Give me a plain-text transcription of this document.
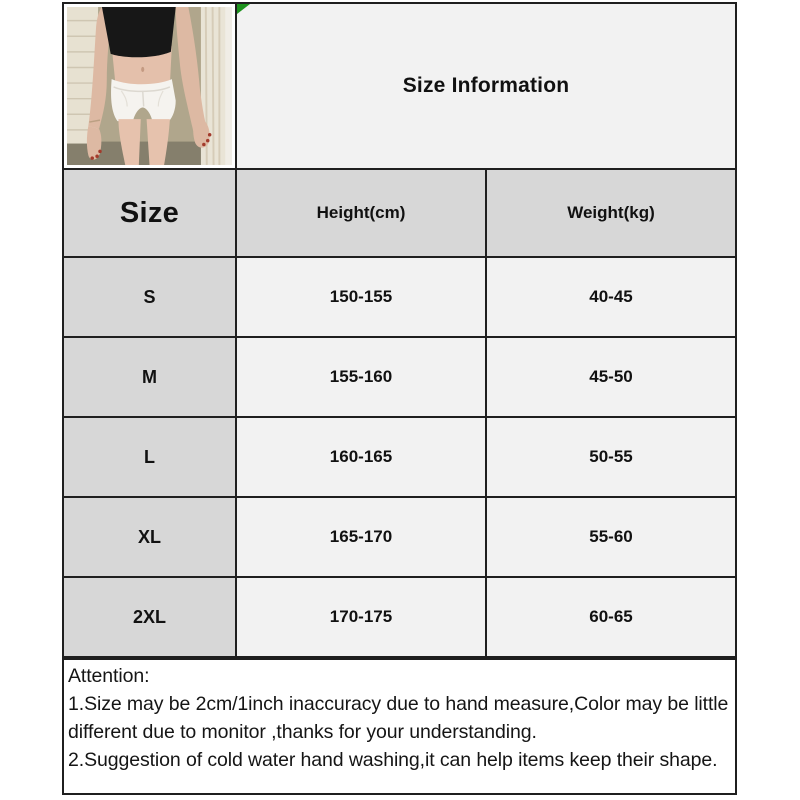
Size Information
Size	Height(cm)	Weight(kg)
S	150-155	40-45
M	155-160	45-50
L	160-165	50-55
XL	165-170	55-60
2XL	170-175	60-65
Attention:
1.Size may be 2cm/1inch inaccuracy due to hand measure,Color may be little
different due to monitor ,thanks for your understanding.
2.Suggestion of cold water hand washing,it can help items keep their shape.
